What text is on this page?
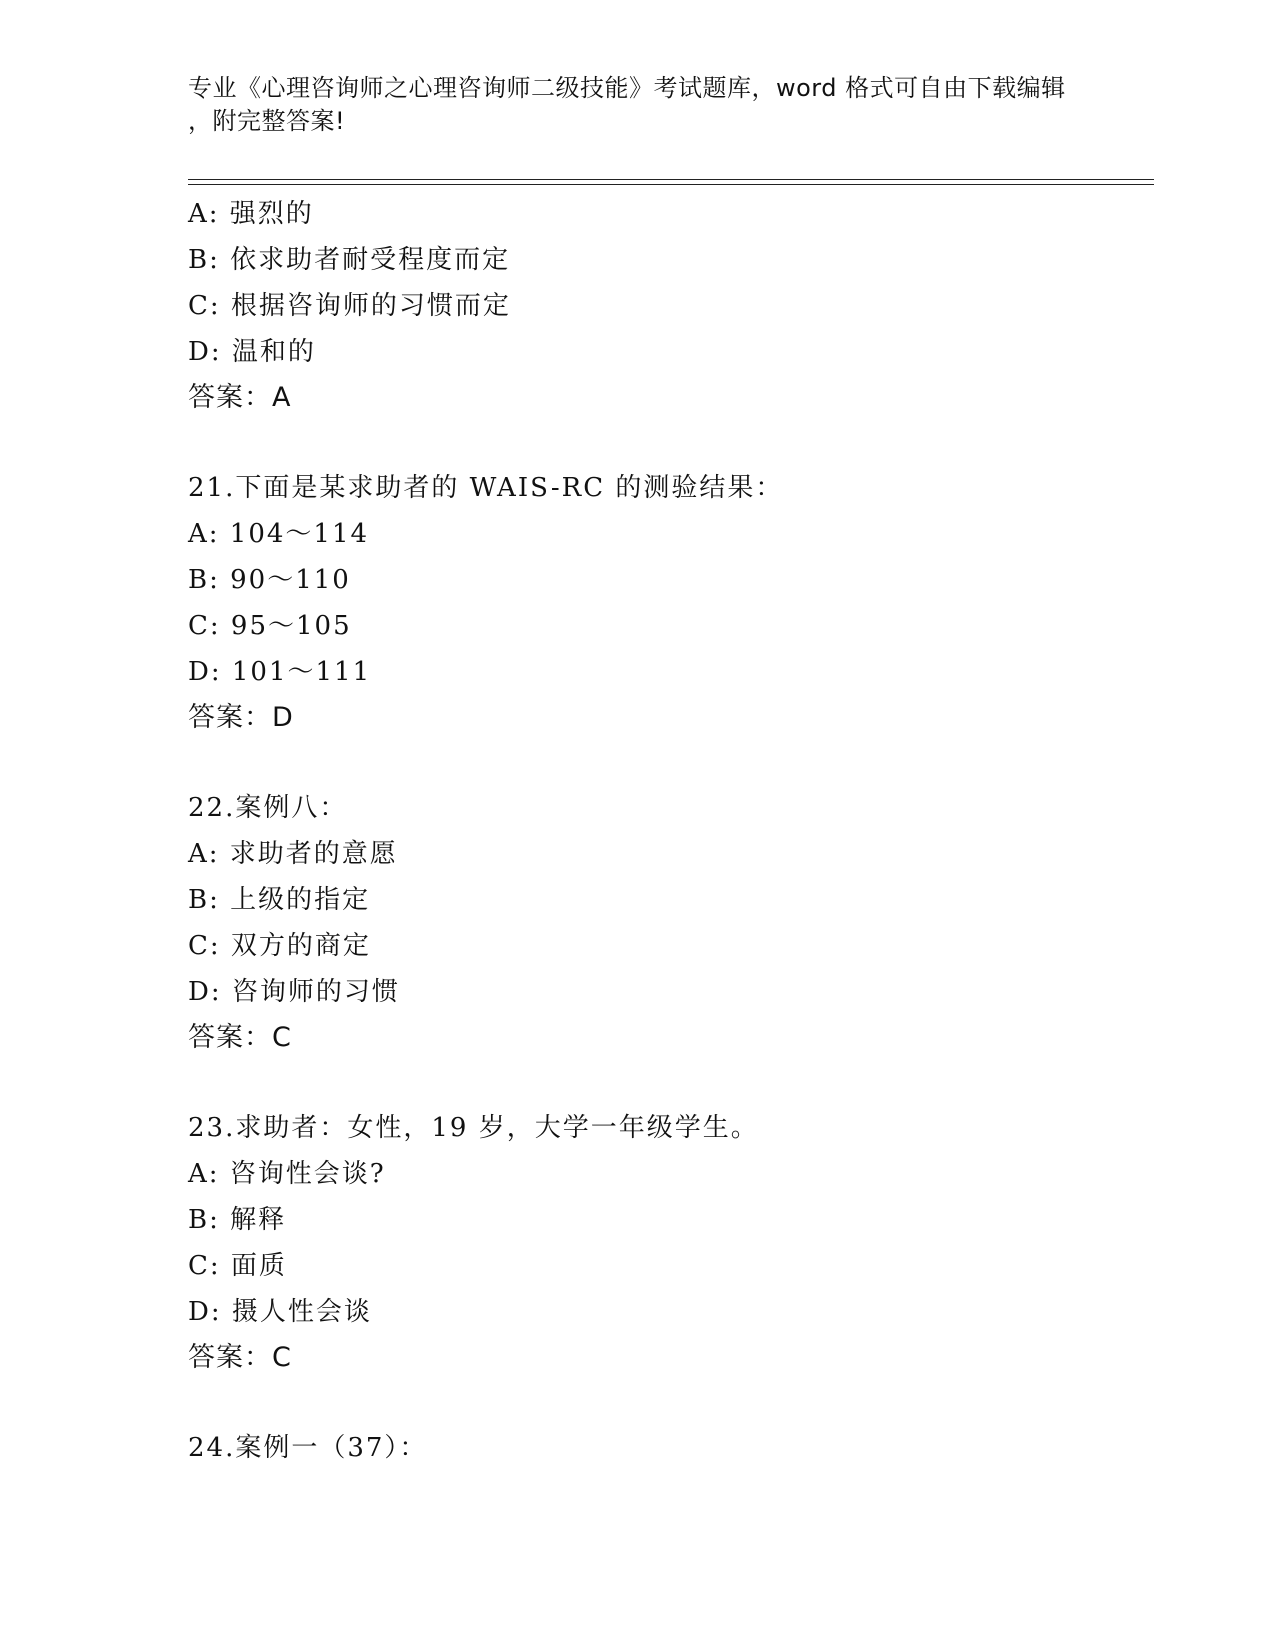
专业《心理咨询师之心理咨询师二级技能》考试题库，word 格式可自由下载编辑
，附完整答案!
A: 强烈的
B: 依求助者耐受程度而定
C: 根据咨询师的习惯而定
D: 温和的
答案：A
21.下面是某求助者的 WAIS-RC 的测验结果：
A: 104～114
B: 90～110
C: 95～105
D: 101～111
答案：D
22.案例八：
A: 求助者的意愿
B: 上级的指定
C: 双方的商定
D: 咨询师的习惯
答案：C
23.求助者：女性，19 岁，大学一年级学生。
A: 咨询性会谈?
B: 解释
C: 面质
D: 摄人性会谈
答案：C
24.案例一（37）：
